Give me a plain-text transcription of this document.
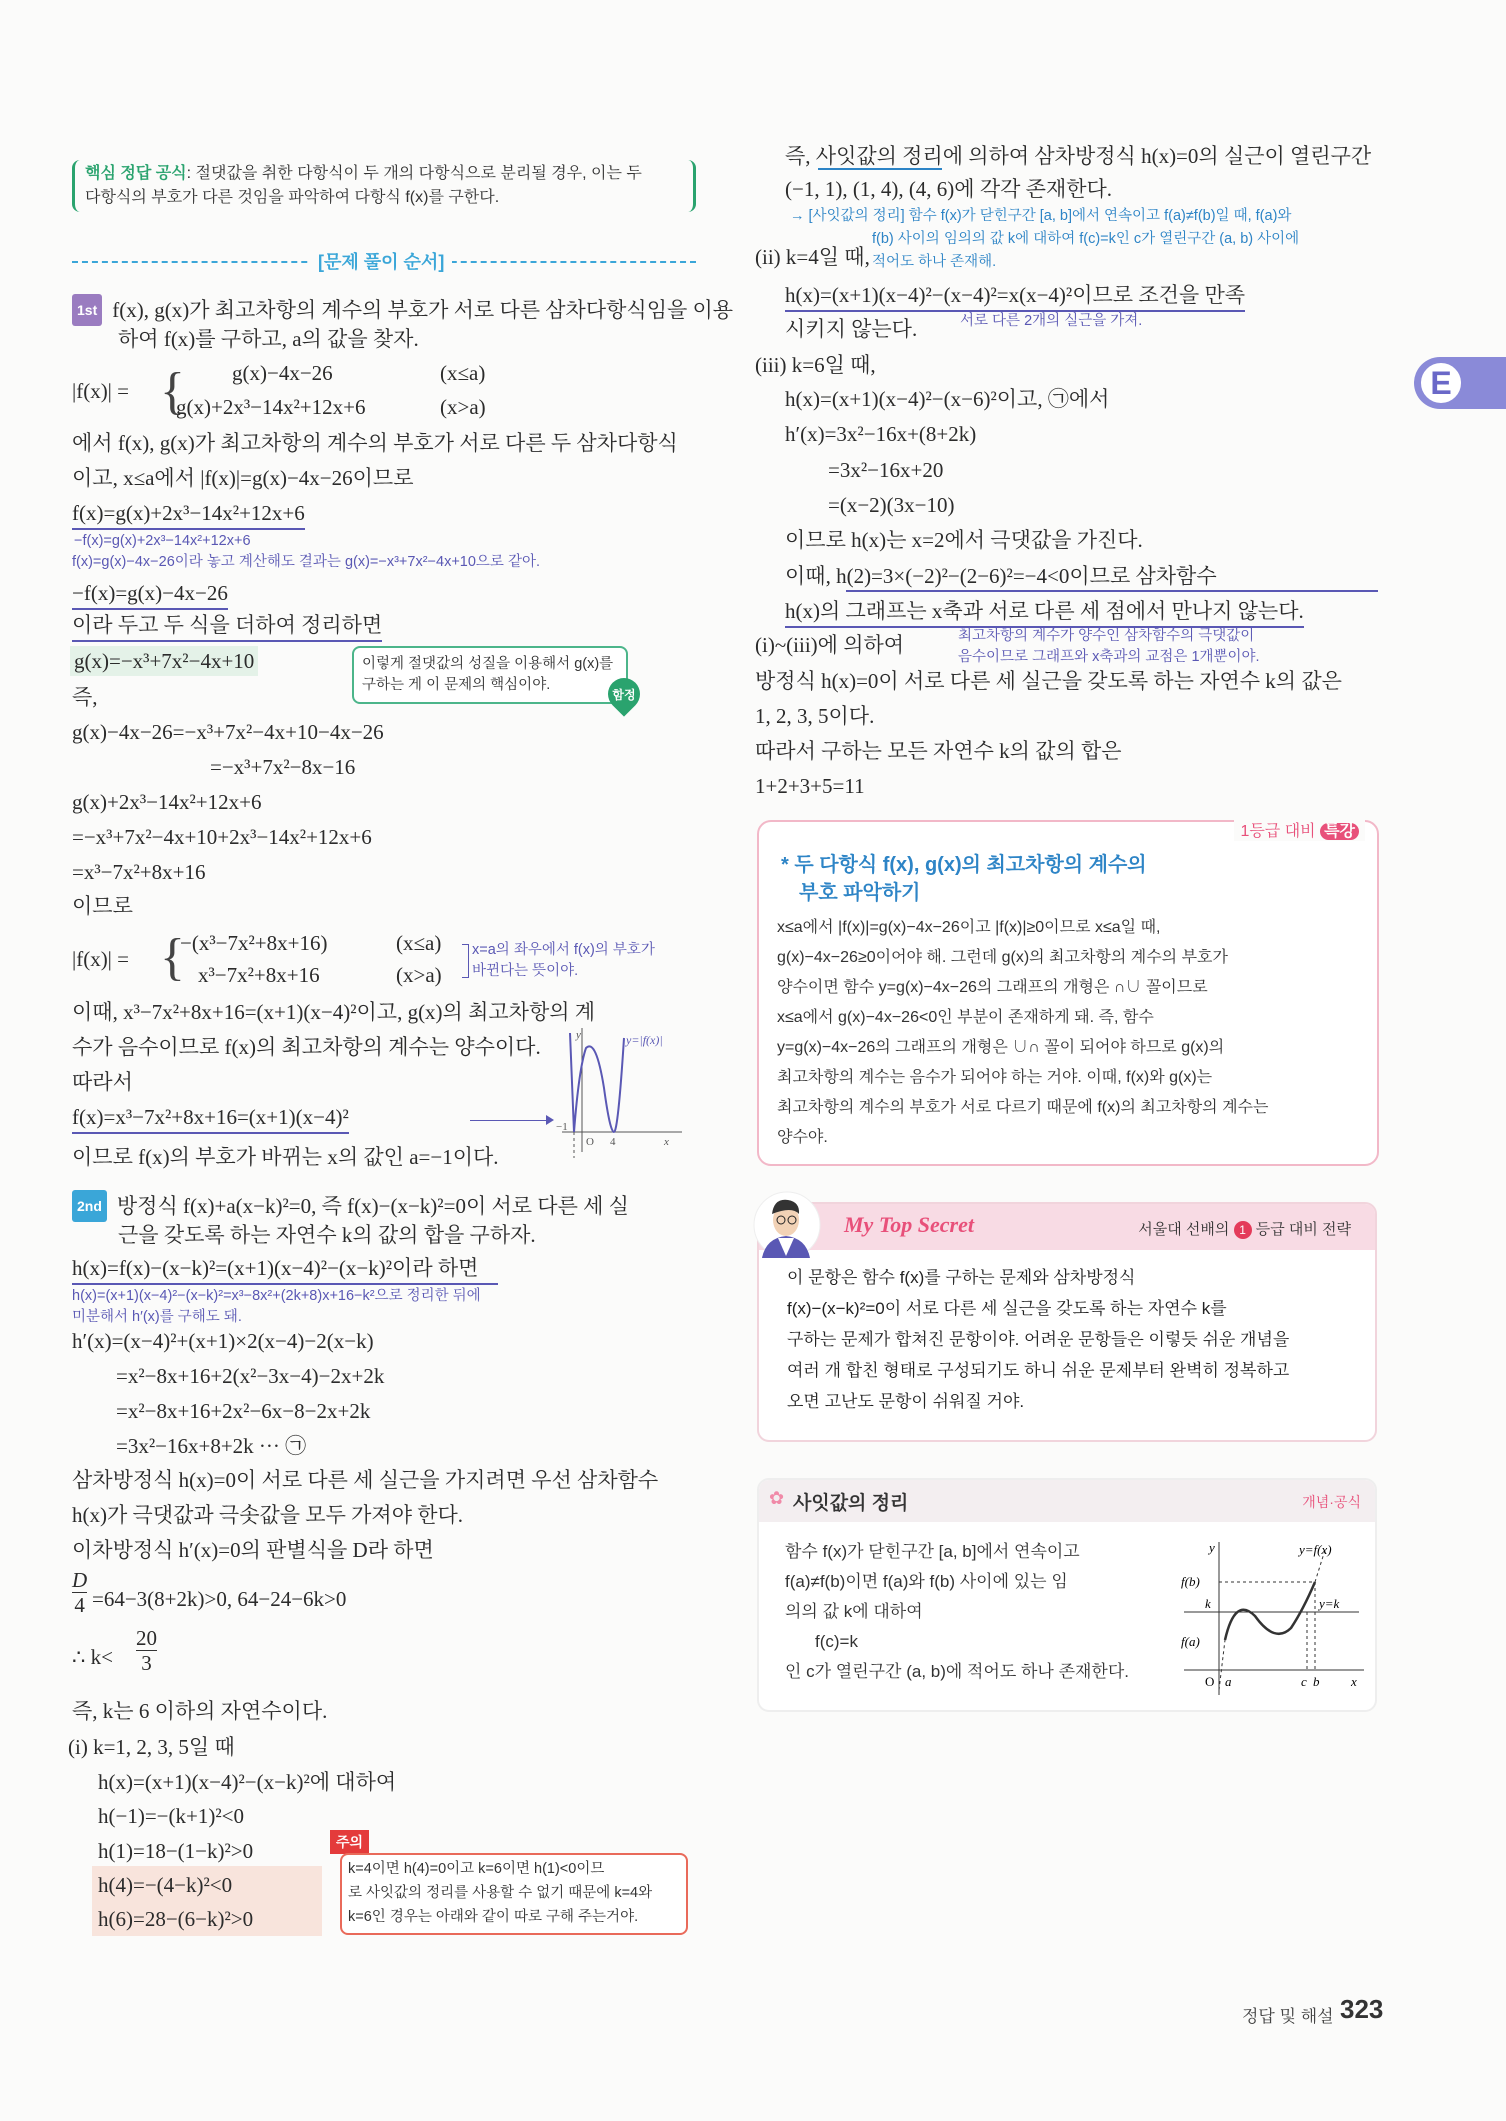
핵심 정답 공식: 절댓값을 취한 다항식이 두 개의 다항식으로 분리될 경우, 이는 두
다항식의 부호가 다른 것임을 파악하여 다항식 f(x)를 구한다.
[문제 풀이 순서]
1st f(x), g(x)가 최고차항의 계수의 부호가 서로 다른 삼차다항식임을 이용
하여 f(x)를 구하고, a의 값을 찾자.
|f(x)| = { g(x)−4x−26	(x≤a)
g(x)+2x³−14x²+12x+6	(x>a)
에서 f(x), g(x)가 최고차항의 계수의 부호가 서로 다른 두 삼차다항식
이고, x≤a에서 |f(x)|=g(x)−4x−26이므로
f(x)=g(x)+2x³−14x²+12x+6
−f(x)=g(x)+2x³−14x²+12x+6
f(x)=g(x)−4x−26이라 놓고 계산해도 결과는 g(x)=−x³+7x²−4x+10으로 같아.
−f(x)=g(x)−4x−26
이라 두고 두 식을 더하여 정리하면
g(x)=−x³+7x²−4x+10	이렇게 절댓값의 성질을 이용해서 g(x)를
구하는 게 이 문제의 핵심이야.
함정
즉,
g(x)−4x−26=−x³+7x²−4x+10−4x−26
=−x³+7x²−8x−16
g(x)+2x³−14x²+12x+6
=−x³+7x²−4x+10+2x³−14x²+12x+6
=x³−7x²+8x+16
이므로
|f(x)| = {
−(x³−7x²+8x+16)	(x≤a)
x³−7x²+8x+16	(x>a)
x=a의 좌우에서 f(x)의 부호가
바뀐다는 뜻이야.
이때, x³−7x²+8x+16=(x+1)(x−4)²이고, g(x)의 최고차항의 계
수가 음수이므로 f(x)의 최고차항의 계수는 양수이다.
따라서
f(x)=x³−7x²+8x+16=(x+1)(x−4)²
이므로 f(x)의 부호가 바뀌는 x의 값인 a=−1이다.
y	y=|f(x)|
−1
O 4	x
2nd 방정식 f(x)+a(x−k)²=0, 즉 f(x)−(x−k)²=0이 서로 다른 세 실
근을 갖도록 하는 자연수 k의 값의 합을 구하자.
h(x)=f(x)−(x−k)²=(x+1)(x−4)²−(x−k)²이라 하면
h(x)=(x+1)(x−4)²−(x−k)²=x³−8x²+(2k+8)x+16−k²으로 정리한 뒤에
미분해서 h′(x)를 구해도 돼.
h′(x)=(x−4)²+(x+1)×2(x−4)−2(x−k)
=x²−8x+16+2(x²−3x−4)−2x+2k
=x²−8x+16+2x²−6x−8−2x+2k
=3x²−16x+8+2k ··· ㉠
삼차방정식 h(x)=0이 서로 다른 세 실근을 가지려면 우선 삼차함수
h(x)가 극댓값과 극솟값을 모두 가져야 한다.
이차방정식 h′(x)=0의 판별식을 D라 하면
$\frac{D}{4} =64-3(8+2k)>0$, 64−24−6k>0
∴ $k< \frac{20}{3}$
즉, k는 6 이하의 자연수이다.
(i) k=1, 2, 3, 5일 때
h(x)=(x+1)(x−4)²−(x−k)²에 대하여
h(−1)=−(k+1)²<0
h(1)=18−(1−k)²>0
h(4)=−(4−k)²<0
h(6)=28−(6−k)²>0
주의
k=4이면 h(4)=0이고 k=6이면 h(1)<0이므
로 사잇값의 정리를 사용할 수 없기 때문에 k=4와
k=6인 경우는 아래와 같이 따로 구해 주는거야.
즉, 사잇값의 정리에 의하여 삼차방정식 h(x)=0의 실근이 열린구간
(−1, 1), (1, 4), (4, 6)에 각각 존재한다.
→ [사잇값의 정리] 함수 f(x)가 닫힌구간 [a, b]에서 연속이고 f(a)≠f(b)일 때, f(a)와
f(b) 사이의 임의의 값 k에 대하여 f(c)=k인 c가 열린구간 (a, b) 사이에
적어도 하나 존재해.
(ii) k=4일 때,
h(x)=(x+1)(x−4)²−(x−4)²=x(x−4)²이므로 조건을 만족
시키지 않는다.	서로 다른 2개의 실근을 가져.
(iii) k=6일 때,
h(x)=(x+1)(x−4)²−(x−6)²이고, ㉠에서
h′(x)=3x²−16x+(8+2k)
=3x²−16x+20
=(x−2)(3x−10)
이므로 h(x)는 x=2에서 극댓값을 가진다.
이때, h(2)=3×(−2)²−(2−6)²=−4<0이므로 삼차함수
h(x)의 그래프는 x축과 서로 다른 세 점에서 만나지 않는다.
(i)~(iii)에 의하여	최고차항의 계수가 양수인 삼차함수의 극댓값이
음수이므로 그래프와 x축과의 교점은 1개뿐이야.
방정식 h(x)=0이 서로 다른 세 실근을 갖도록 하는 자연수 k의 값은
1, 2, 3, 5이다.
따라서 구하는 모든 자연수 k의 값의 합은
1+2+3+5=11
1등급 대비 특강
* 두 다항식 f(x), g(x)의 최고차항의 계수의
부호 파악하기
x≤a에서 |f(x)|=g(x)−4x−26이고 |f(x)|≥0이므로 x≤a일 때,
g(x)−4x−26≥0이어야 해. 그런데 g(x)의 최고차항의 계수의 부호가
양수이면 함수 y=g(x)−4x−26의 그래프의 개형은 ∩∪ 꼴이므로
x≤a에서 g(x)−4x−26<0인 부분이 존재하게 돼. 즉, 함수
y=g(x)−4x−26의 그래프의 개형은 ∪∩ 꼴이 되어야 하므로 g(x)의
최고차항의 계수는 음수가 되어야 하는 거야. 이때, f(x)와 g(x)는
최고차항의 계수의 부호가 서로 다르기 때문에 f(x)의 최고차항의 계수는
양수야.
My Top Secret	서울대 선배의 1 등급 대비 전략
이 문항은 함수 f(x)를 구하는 문제와 삼차방정식
f(x)−(x−k)²=0이 서로 다른 세 실근을 갖도록 하는 자연수 k를
구하는 문제가 합쳐진 문항이야. 어려운 문항들은 이렇듯 쉬운 개념을
여러 개 합친 형태로 구성되기도 하니 쉬운 문제부터 완벽히 정복하고
오면 고난도 문항이 쉬워질 거야.
✿ 사잇값의 정리	개념·공식
함수 f(x)가 닫힌구간 [a, b]에서 연속이고
f(a)≠f(b)이면 f(a)와 f(b) 사이에 있는 임
의의 값 k에 대하여
f(c)=k
인 c가 열린구간 (a, b)에 적어도 하나 존재한다.
y	y=f(x)
f(b)
k	y=k
f(a)
O a	c b x
E
정답 및 해설 323
